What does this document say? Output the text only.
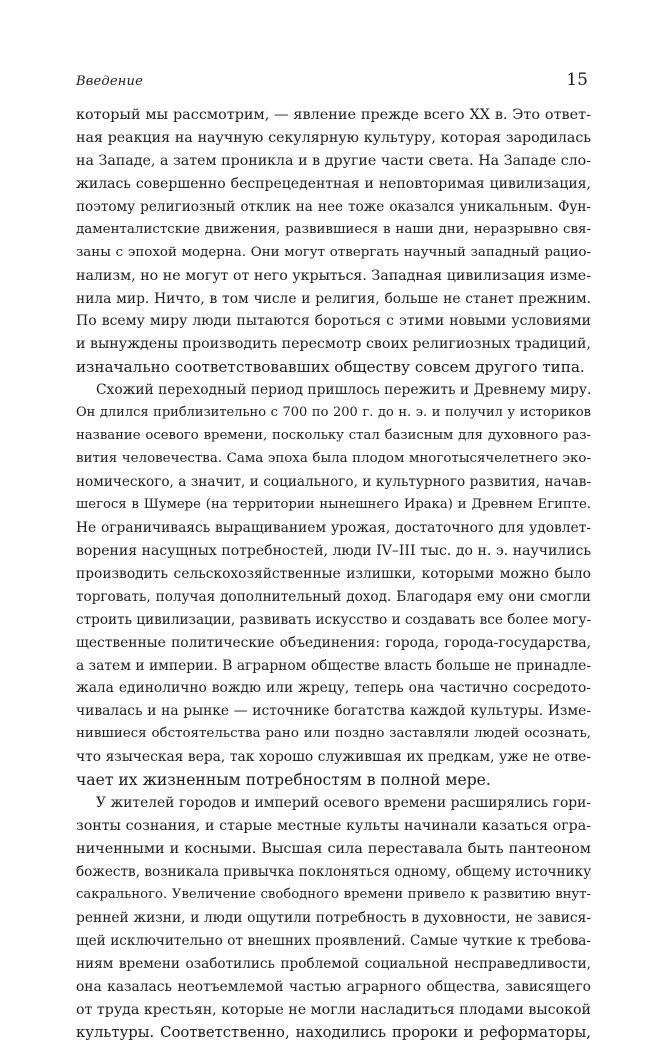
Введение	15
который мы рассмотрим, — явление прежде всего XX в. Это ответ-
ная реакция на научную секулярную культуру, которая зародилась
на Западе, а затем проникла и в другие части света. На Западе сло-
жилась совершенно беспрецедентная и неповторимая цивилизация,
поэтому религиозный отклик на нее тоже оказался уникальным. Фун-
даменталистские движения, развившиеся в наши дни, неразрывно свя-
заны с эпохой модерна. Они могут отвергать научный западный рацио-
нализм, но не могут от него укрыться. Западная цивилизация изме-
нила мир. Ничто, в том числе и религия, больше не станет прежним.
По всему миру люди пытаются бороться с этими новыми условиями
и вынуждены производить пересмотр своих религиозных традиций,
изначально соответствовавших обществу совсем другого типа.
Схожий переходный период пришлось пережить и Древнему миру.
Он длился приблизительно с 700 по 200 г. до н. э. и получил у историков
название осевого времени, поскольку стал базисным для духовного раз-
вития человечества. Сама эпоха была плодом многотысячелетнего эко-
номического, а значит, и социального, и культурного развития, начав-
шегося в Шумере (на территории нынешнего Ирака) и Древнем Египте.
Не ограничиваясь выращиванием урожая, достаточного для удовлет-
ворения насущных потребностей, люди IV–III тыс. до н. э. научились
производить сельскохозяйственные излишки, которыми можно было
торговать, получая дополнительный доход. Благодаря ему они смогли
строить цивилизации, развивать искусство и создавать все более могу-
щественные политические объединения: города, города-государства,
а затем и империи. В аграрном обществе власть больше не принадле-
жала единолично вождю или жрецу, теперь она частично сосредото-
чивалась и на рынке — источнике богатства каждой культуры. Изме-
нившиеся обстоятельства рано или поздно заставляли людей осознать,
что языческая вера, так хорошо служившая их предкам, уже не отве-
чает их жизненным потребностям в полной мере.
У жителей городов и империй осевого времени расширялись гори-
зонты сознания, и старые местные культы начинали казаться огра-
ниченными и косными. Высшая сила переставала быть пантеоном
божеств, возникала привычка поклоняться одному, общему источнику
сакрального. Увеличение свободного времени привело к развитию внут-
ренней жизни, и люди ощутили потребность в духовности, не завися-
щей исключительно от внешних проявлений. Самые чуткие к требова-
ниям времени озаботились проблемой социальной несправедливости,
она казалась неотъемлемой частью аграрного общества, зависящего
от труда крестьян, которые не могли насладиться плодами высокой
культуры. Соответственно, находились пророки и реформаторы,
